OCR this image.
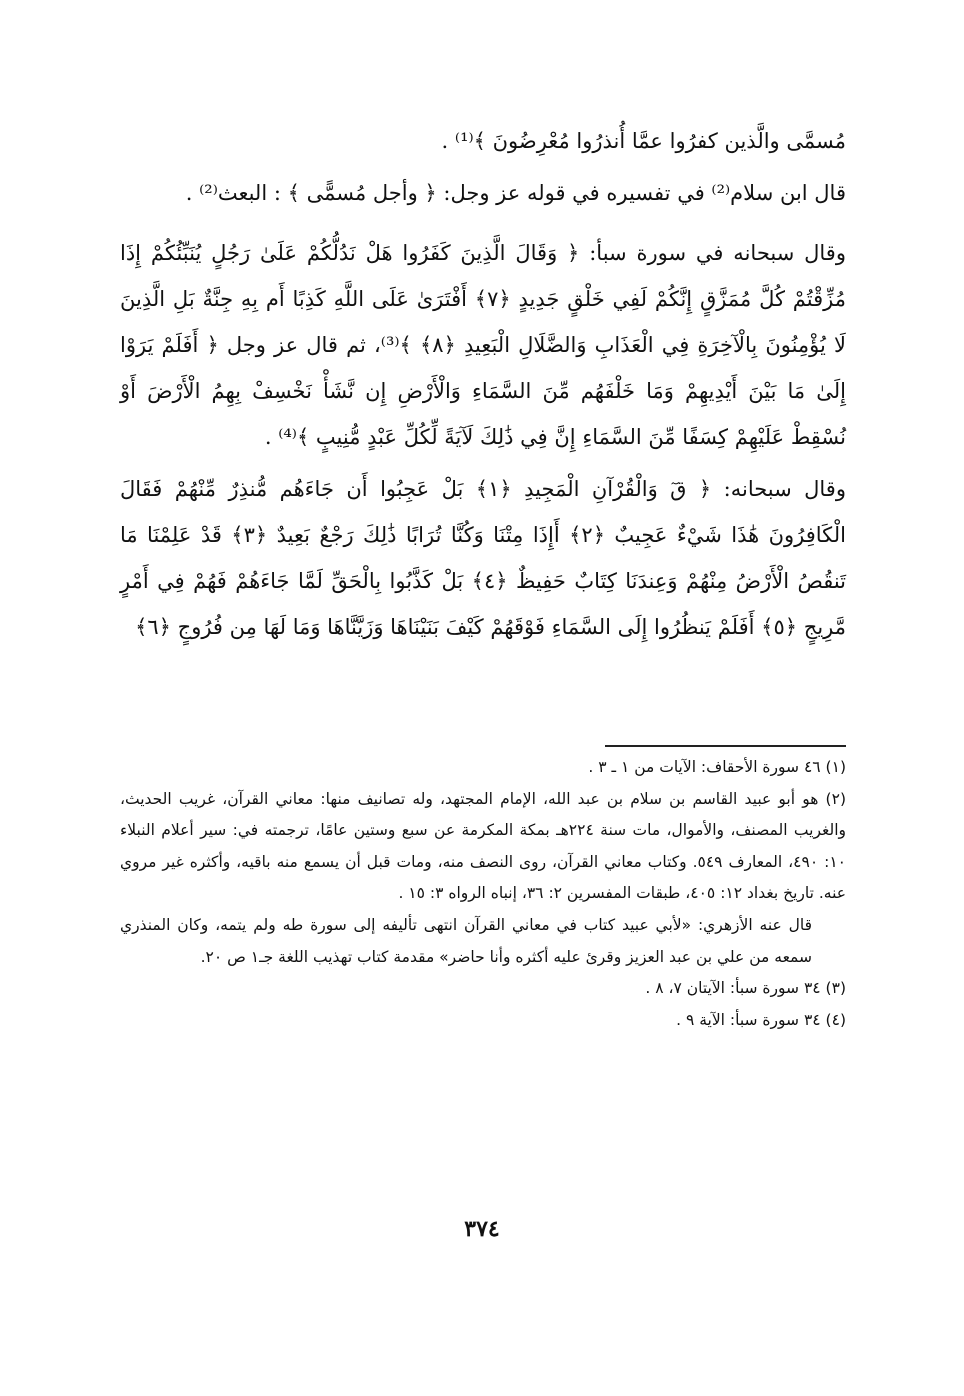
مُسمَّى والَّذين كفرُوا عمَّا أُنذرُوا مُعْرِضُونَ ﴾⁽¹⁾ .

قال ابن سلام⁽²⁾ في تفسيره في قوله عز وجل: ﴿ وأجل مُسمًّى ﴾ : البعث⁽²⁾ .

وقال سبحانه في سورة سبأ: ﴿ وَقَالَ الَّذِينَ كَفَرُوا هَلْ نَدُلُّكُمْ عَلَىٰ رَجُلٍ يُنَبِّئُكُمْ إِذَا مُزِّقْتُمْ كُلَّ مُمَزَّقٍ إِنَّكُمْ لَفِي خَلْقٍ جَدِيدٍ ﴿٧﴾ أَفْتَرَىٰ عَلَى اللَّهِ كَذِبًا أَم بِهِ جِنَّةٌ بَلِ الَّذِينَ لَا يُؤْمِنُونَ بِالْآخِرَةِ فِي الْعَذَابِ وَالضَّلَالِ الْبَعِيدِ ﴿٨﴾ ﴾⁽³⁾، ثم قال عز وجل ﴿ أَفَلَمْ يَرَوْا إِلَىٰ مَا بَيْنَ أَيْدِيهِمْ وَمَا خَلْفَهُم مِّنَ السَّمَاءِ وَالْأَرْضِ إِن نَّشَأْ نَخْسِفْ بِهِمُ الْأَرْضَ أَوْ نُسْقِطْ عَلَيْهِمْ كِسَفًا مِّنَ السَّمَاءِ إِنَّ فِي ذَٰلِكَ لَآيَةً لِّكُلِّ عَبْدٍ مُّنِيبٍ ﴾⁽⁴⁾ .

وقال سبحانه: ﴿ قٓ وَالْقُرْآنِ الْمَجِيدِ ﴿١﴾ بَلْ عَجِبُوا أَن جَاءَهُم مُّنذِرٌ مِّنْهُمْ فَقَالَ الْكَافِرُونَ هَٰذَا شَيْءٌ عَجِيبٌ ﴿٢﴾ أَإِذَا مِتْنَا وَكُنَّا تُرَابًا ذَٰلِكَ رَجْعٌ بَعِيدٌ ﴿٣﴾ قَدْ عَلِمْنَا مَا تَنقُصُ الْأَرْضُ مِنْهُمْ وَعِندَنَا كِتَابٌ حَفِيظٌ ﴿٤﴾ بَلْ كَذَّبُوا بِالْحَقِّ لَمَّا جَاءَهُمْ فَهُمْ فِي أَمْرٍ مَّرِيجٍ ﴿٥﴾ أَفَلَمْ يَنظُرُوا إِلَى السَّمَاءِ فَوْقَهُمْ كَيْفَ بَنَيْنَاهَا وَزَيَّنَّاهَا وَمَا لَهَا مِن فُرُوجٍ ﴿٦﴾

(١) ٤٦ سورة الأحقاف: الآيات من ١ ـ ٣ .

(٢) هو أبو عبيد القاسم بن سلام بن عبد الله، الإمام المجتهد، وله تصانيف منها: معاني القرآن، غريب الحديث، والغريب المصنف، والأموال، مات سنة ٢٢٤هـ بمكة المكرمة عن سبع وستين عامًا، ترجمته في: سير أعلام النبلاء ١٠: ٤٩٠، المعارف ٥٤٩. وكتاب معاني القرآن، روى النصف منه، ومات قبل أن يسمع منه باقيه، وأكثره غير مروي عنه. تاريخ بغداد ١٢: ٤٠٥، طبقات المفسرين ٢: ٣٦، إنباه الرواه ٣: ١٥ .

قال عنه الأزهري: «لأبي عبيد كتاب في معاني القرآن انتهى تأليفه إلى سورة طه ولم يتمه، وكان المنذري سمعه من علي بن عبد العزيز وقرئ عليه أكثره وأنا حاضر» مقدمة كتاب تهذيب اللغة جـ١ ص ٢٠.

(٣) ٣٤ سورة سبأ: الآيتان ٧، ٨ .

(٤) ٣٤ سورة سبأ: الآية ٩ .

٣٧٤
